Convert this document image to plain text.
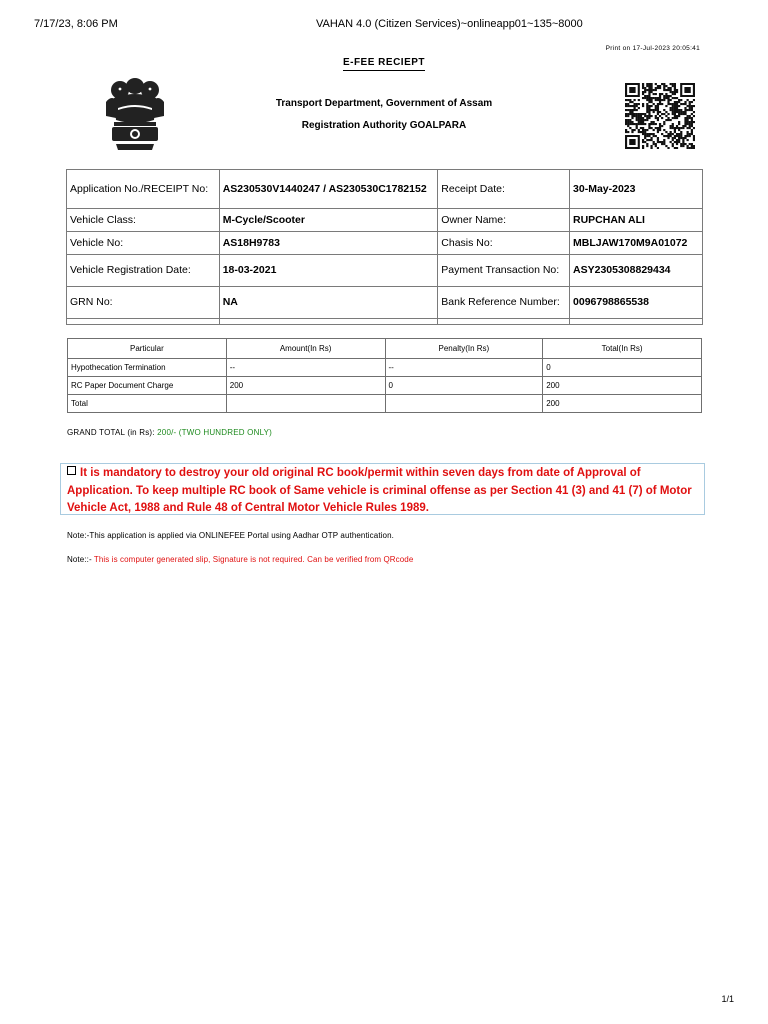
7/17/23, 8:06 PM	VAHAN 4.0 (Citizen Services)~onlineapp01~135~8000
Print on 17-Jul-2023 20:05:41
E-FEE RECIEPT
Transport Department, Government of Assam
Registration Authority GOALPARA
Application No./RECEIPT No:	AS230530V1440247 / AS230530C1782152	Receipt Date:	30-May-2023
Vehicle Class:	M-Cycle/Scooter	Owner Name:	RUPCHAN ALI
Vehicle No:	AS18H9783	Chasis No:	MBLJAW170M9A01072
Vehicle Registration Date:	18-03-2021	Payment Transaction No:	ASY2305308829434
GRN No:	NA	Bank Reference Number:	0096798865538

Particular	Amount(In Rs)	Penalty(In Rs)	Total(In Rs)
Hypothecation Termination	--	--	0
RC Paper Document Charge	200	0	200
Total			200
GRAND TOTAL (in Rs): 200/- (TWO HUNDRED ONLY)
It is mandatory to destroy your old original RC book/permit within seven days from date of Approval of Application. To keep multiple RC book of Same vehicle is criminal offense as per Section 41 (3) and 41 (7) of Motor Vehicle Act, 1988 and Rule 48 of Central Motor Vehicle Rules 1989.
Note:-This application is applied via ONLINEFEE Portal using Aadhar OTP authentication.
Note::- This is computer generated slip, Signature is not required. Can be verified from QRcode
1/1
